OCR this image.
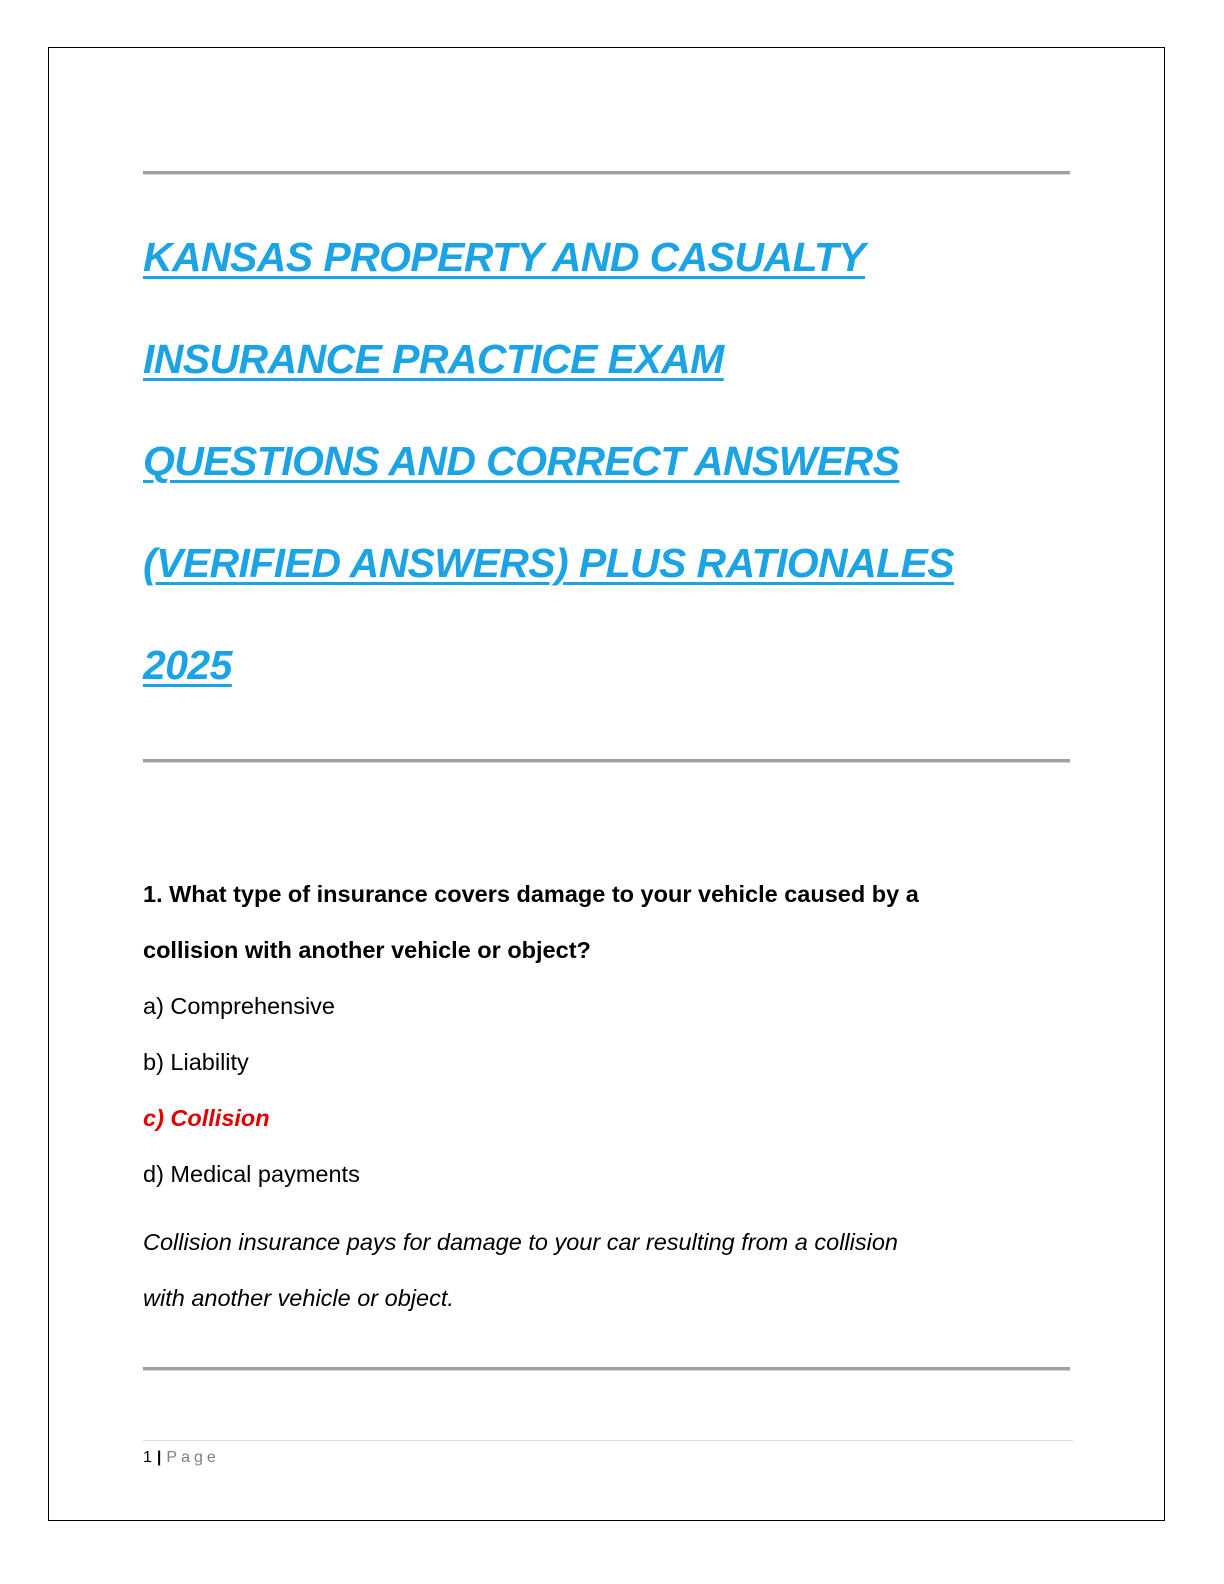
KANSAS PROPERTY AND CASUALTY
INSURANCE PRACTICE EXAM
QUESTIONS AND CORRECT ANSWERS
(VERIFIED ANSWERS) PLUS RATIONALES
2025
1. What type of insurance covers damage to your vehicle caused by a
collision with another vehicle or object?
a) Comprehensive
b) Liability
c) Collision
d) Medical payments
Collision insurance pays for damage to your car resulting from a collision
with another vehicle or object.
1 | Page
